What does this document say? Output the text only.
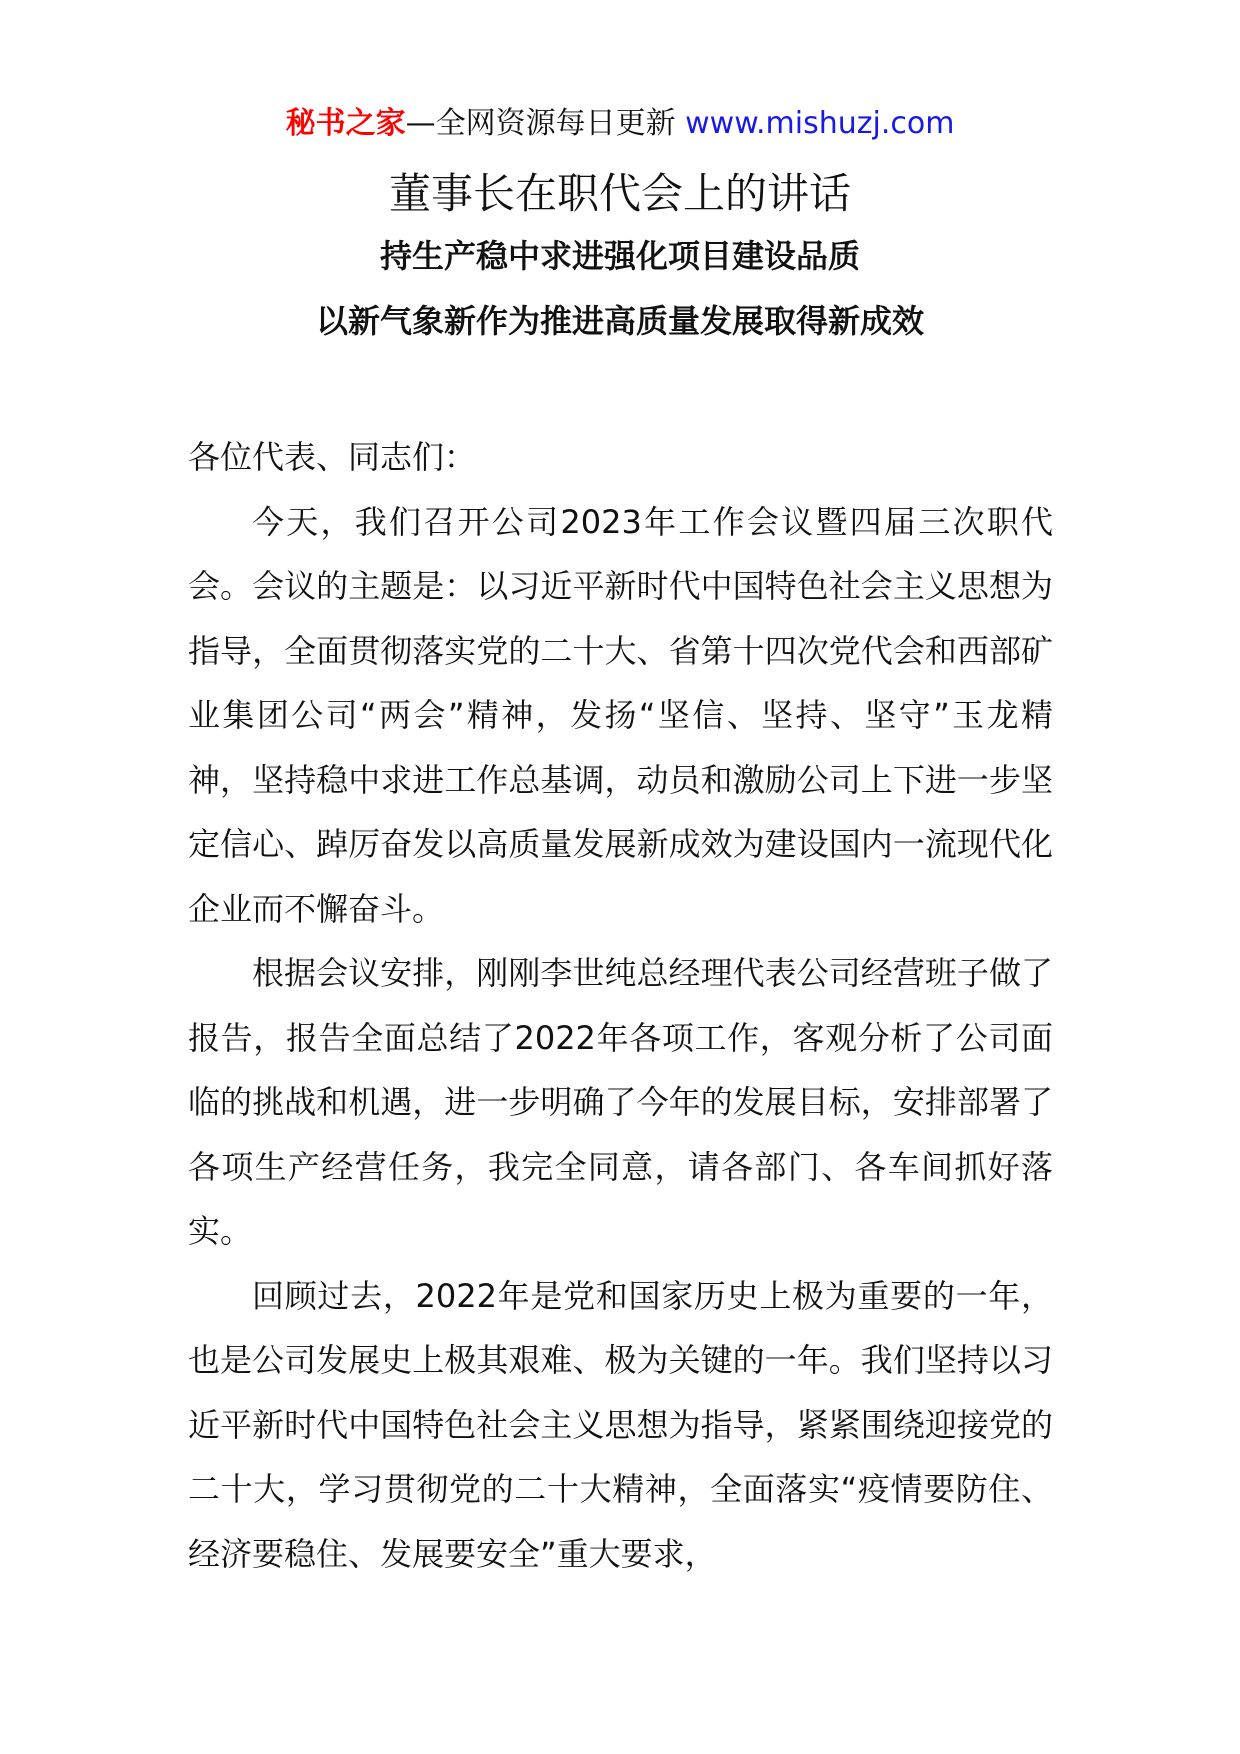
秘书之家—全网资源每日更新 www.mishuzj.com
董事长在职代会上的讲话
持生产稳中求进强化项目建设品质
以新气象新作为推进高质量发展取得新成效

各位代表、同志们：

今天，我们召开公司2023年工作会议暨四届三次职代会。会议的主题是：以习近平新时代中国特色社会主义思想为指导，全面贯彻落实党的二十大、省第十四次党代会和西部矿业集团公司“两会”精神，发扬“坚信、坚持、坚守”玉龙精神，坚持稳中求进工作总基调，动员和激励公司上下进一步坚定信心、踔厉奋发以高质量发展新成效为建设国内一流现代化企业而不懈奋斗。

根据会议安排，刚刚李世纯总经理代表公司经营班子做了报告，报告全面总结了2022年各项工作，客观分析了公司面临的挑战和机遇，进一步明确了今年的发展目标，安排部署了各项生产经营任务，我完全同意，请各部门、各车间抓好落实。

回顾过去，2022年是党和国家历史上极为重要的一年，也是公司发展史上极其艰难、极为关键的一年。我们坚持以习近平新时代中国特色社会主义思想为指导，紧紧围绕迎接党的二十大，学习贯彻党的二十大精神，全面落实“疫情要防住、经济要稳住、发展要安全”重大要求，
